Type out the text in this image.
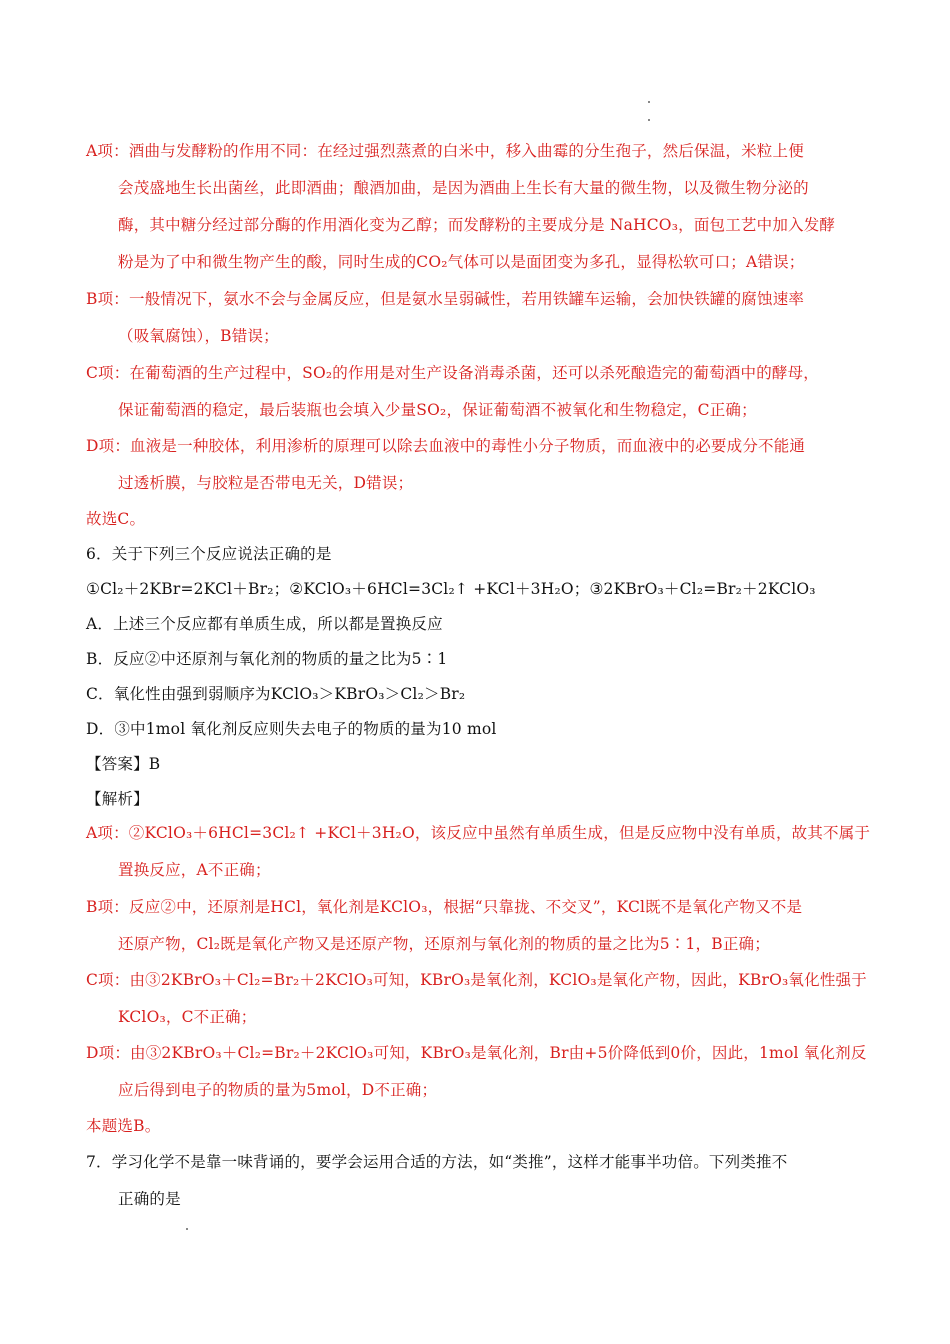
A项：酒曲与发酵粉的作用不同：在经过强烈蒸煮的白米中，移入曲霉的分生孢子，然后保温，米粒上便
会茂盛地生长出菌丝，此即酒曲；酿酒加曲，是因为酒曲上生长有大量的微生物，以及微生物分泌的
酶，其中糖分经过部分酶的作用酒化变为乙醇；而发酵粉的主要成分是 NaHCO₃，面包工艺中加入发酵
粉是为了中和微生物产生的酸，同时生成的CO₂气体可以是面团变为多孔，显得松软可口；A错误；
B项：一般情况下，氨水不会与金属反应，但是氨水呈弱碱性，若用铁罐车运输，会加快铁罐的腐蚀速率
（吸氧腐蚀），B错误；
C项：在葡萄酒的生产过程中，SO₂的作用是对生产设备消毒杀菌，还可以杀死酿造完的葡萄酒中的酵母，
保证葡萄酒的稳定，最后装瓶也会填入少量SO₂，保证葡萄酒不被氧化和生物稳定，C正确；
D项：血液是一种胶体，利用渗析的原理可以除去血液中的毒性小分子物质，而血液中的必要成分不能通
过透析膜，与胶粒是否带电无关，D错误；
故选C。
6．关于下列三个反应说法正确的是
①Cl₂＋2KBr=2KCl＋Br₂；②KClO₃＋6HCl=3Cl₂↑ +KCl＋3H₂O；③2KBrO₃＋Cl₂=Br₂＋2KClO₃
A．上述三个反应都有单质生成，所以都是置换反应
B．反应②中还原剂与氧化剂的物质的量之比为5∶1
C．氧化性由强到弱顺序为KClO₃＞KBrO₃＞Cl₂＞Br₂
D．③中1mol 氧化剂反应则失去电子的物质的量为10 mol
【答案】B
【解析】
A项：②KClO₃＋6HCl=3Cl₂↑ +KCl＋3H₂O，该反应中虽然有单质生成，但是反应物中没有单质，故其不属于
置换反应，A不正确；
B项：反应②中，还原剂是HCl，氧化剂是KClO₃，根据“只靠拢、不交叉”，KCl既不是氧化产物又不是
还原产物，Cl₂既是氧化产物又是还原产物，还原剂与氧化剂的物质的量之比为5∶1，B正确；
C项：由③2KBrO₃＋Cl₂=Br₂＋2KClO₃可知，KBrO₃是氧化剂，KClO₃是氧化产物，因此，KBrO₃氧化性强于
KClO₃，C不正确；
D项：由③2KBrO₃＋Cl₂=Br₂＋2KClO₃可知，KBrO₃是氧化剂，Br由+5价降低到0价，因此，1mol 氧化剂反
应后得到电子的物质的量为5mol，D不正确；
本题选B。
7．学习化学不是靠一味背诵的，要学会运用合适的方法，如“类推”，这样才能事半功倍。下列类推不
正确的是
